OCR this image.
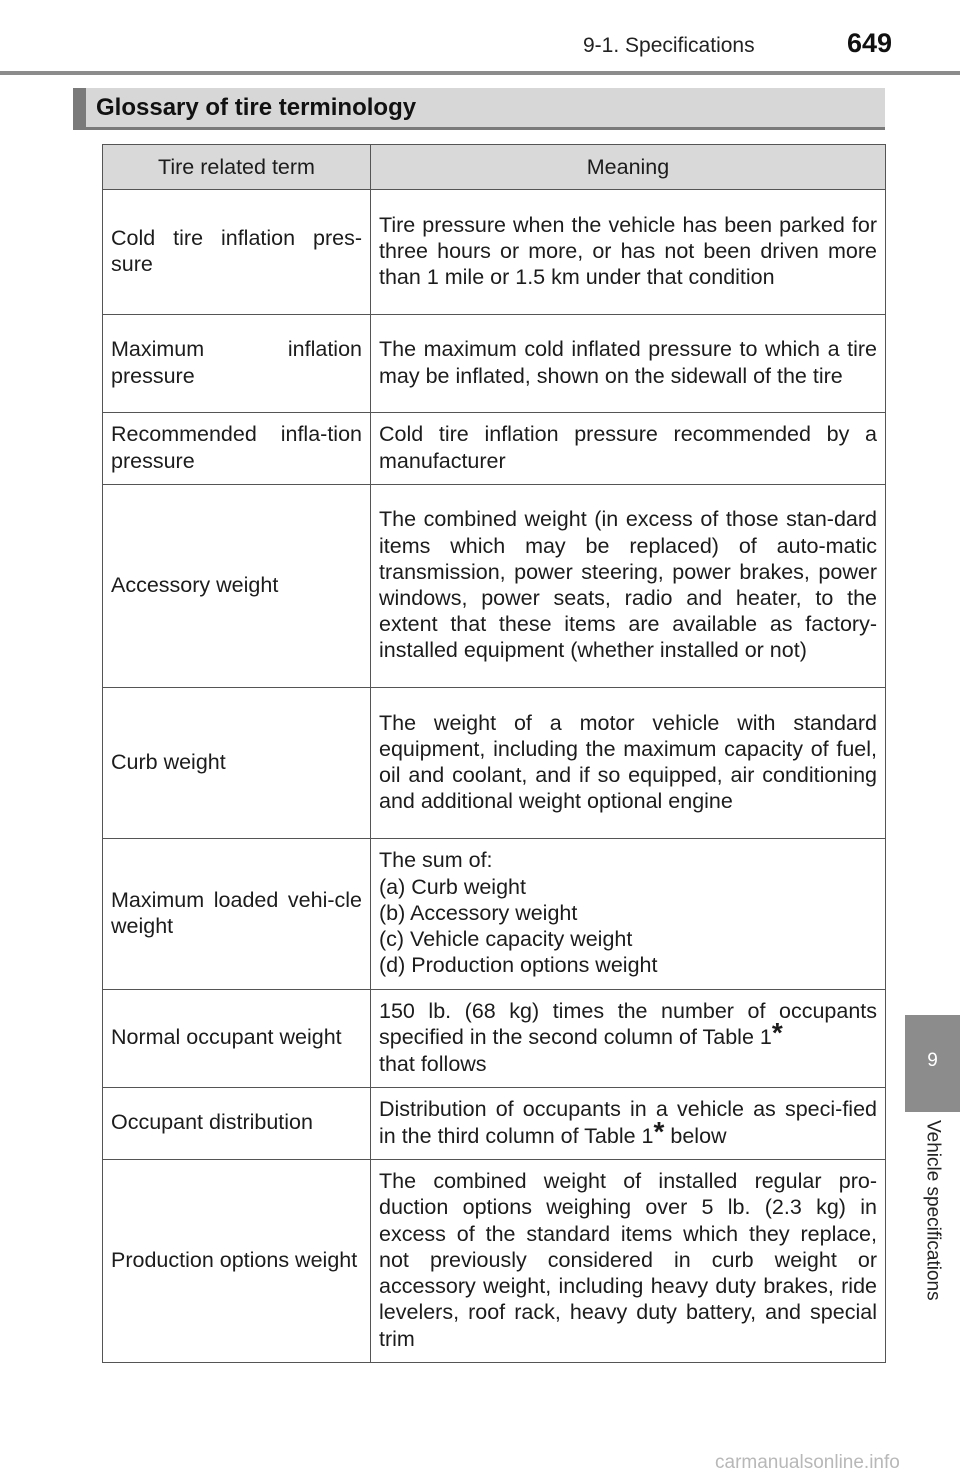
9-1. Specifications	649
9
Vehicle specifications
Glossary of tire terminology
Tire related term	Meaning
Cold tire inflation pres-sure	Tire pressure when the vehicle has been parked for three hours or more, or has not been driven more than 1 mile or 1.5 km under that condition
Maximum inflation pressure	The maximum cold inflated pressure to which a tire may be inflated, shown on the sidewall of the tire
Recommended infla-tion pressure	Cold tire inflation pressure recommended by a manufacturer
Accessory weight	The combined weight (in excess of those stan-dard items which may be replaced) of auto-matic transmission, power steering, power brakes, power windows, power seats, radio and heater, to the extent that these items are available as factory-installed equipment (whether installed or not)
Curb weight	The weight of a motor vehicle with standard equipment, including the maximum capacity of fuel, oil and coolant, and if so equipped, air conditioning and additional weight optional engine
Maximum loaded vehi-cle weight	The sum of:
(a) Curb weight
(b) Accessory weight
(c) Vehicle capacity weight
(d) Production options weight

Normal occupant weight	150 lb. (68 kg) times the number of occupants specified in the second column of Table 1*
that follows
Occupant distribution	Distribution of occupants in a vehicle as speci-fied in the third column of Table 1* below
Production options weight	The combined weight of installed regular pro-duction options weighing over 5 lb. (2.3 kg) in excess of the standard items which they replace, not previously considered in curb weight or accessory weight, including heavy duty brakes, ride levelers, roof rack, heavy duty battery, and special trim
carmanualsonline.info
